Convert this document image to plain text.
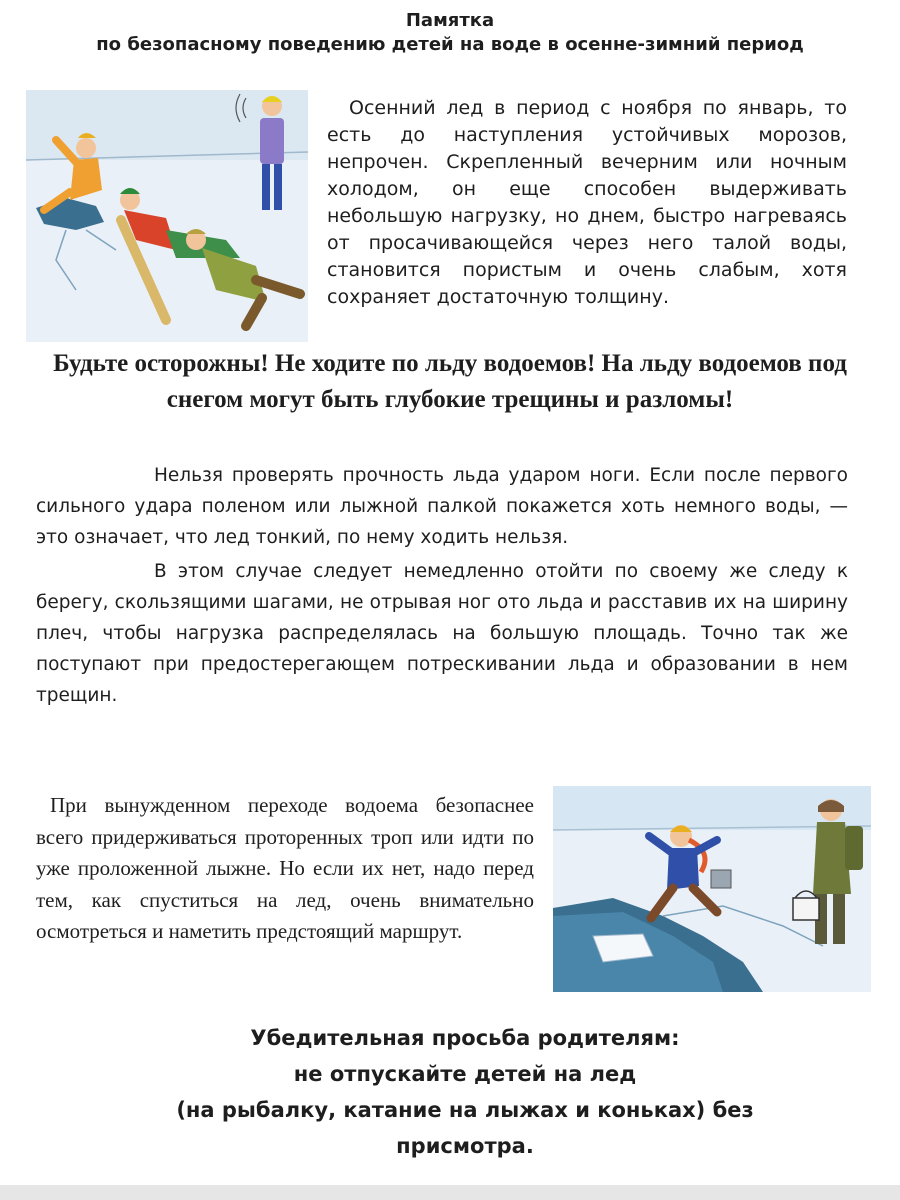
Памятка
по безопасному поведению детей на воде в осенне-зимний период
Осенний лед в период с ноября по январь, то есть до наступления устойчивых морозов, непрочен. Скрепленный вечерним или ночным холодом, он еще способен выдерживать небольшую нагрузку, но днем, быстро нагреваясь от просачивающейся через него талой воды, становится пористым и очень слабым, хотя сохраняет достаточную толщину.
Будьте осторожны! Не ходите по льду водоемов! На льду водоемов под снегом могут быть глубокие трещины и разломы!
Нельзя проверять прочность льда ударом ноги. Если после первого сильного удара поленом или лыжной палкой покажется хоть немного воды, — это означает, что лед тонкий, по нему ходить нельзя.
В этом случае следует немедленно отойти по своему же следу к берегу, скользящими шагами, не отрывая ног ото льда и расставив их на ширину плеч, чтобы нагрузка распределялась на большую площадь. Точно так же поступают при предостерегающем потрескивании льда и образовании в нем трещин.
При вынужденном переходе водоема безопаснее всего придерживаться проторенных троп или идти по уже проложенной лыжне. Но если их нет, надо перед тем, как спуститься на лед, очень внимательно осмотреться и наметить предстоящий маршрут.
Убедительная просьба родителям:
не отпускайте детей на лед
(на рыбалку, катание на лыжах и коньках) без
присмотра.
